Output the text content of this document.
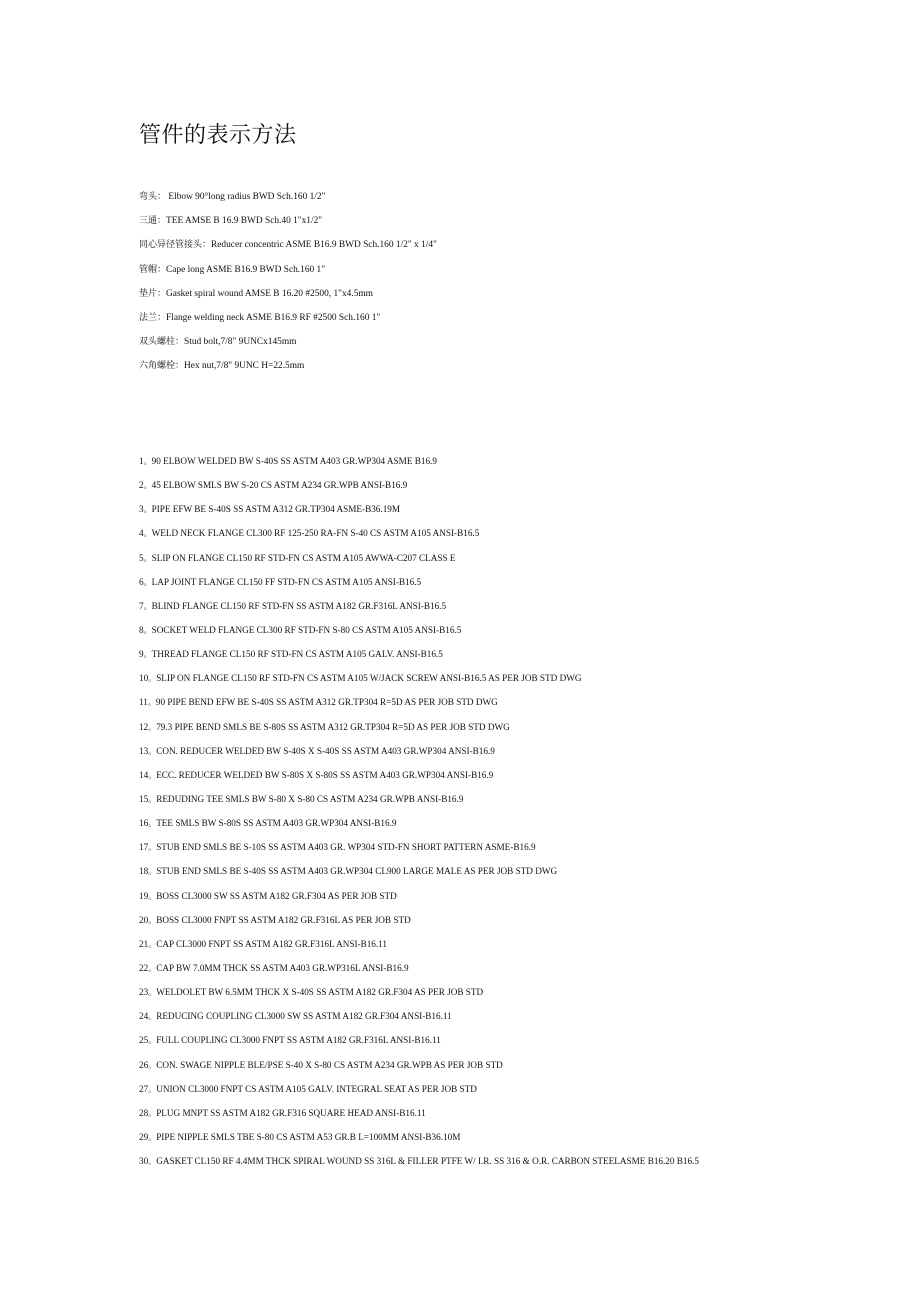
管件的表示方法
弯头： Elbow 90°long radius BWD Sch.160 1/2"
三通：TEE AMSE B 16.9 BWD Sch.40 1"x1/2"
同心异径管接头：Reducer concentric ASME B16.9 BWD Sch.160 1/2" x 1/4"
管帽：Cape long ASME B16.9 BWD Sch.160 1"
垫片：Gasket spiral wound AMSE B 16.20 #2500, 1"x4.5mm
法兰：Flange welding neck ASME B16.9 RF #2500 Sch.160 1"
双头螺柱：Stud bolt,7/8" 9UNCx145mm
六角螺栓：Hex nut,7/8" 9UNC H=22.5mm
1。90 ELBOW WELDED BW S-40S SS ASTM A403 GR.WP304 ASME B16.9
2。45 ELBOW SMLS BW S-20 CS ASTM A234 GR.WPB ANSI-B16.9
3。PIPE EFW BE S-40S SS ASTM A312 GR.TP304 ASME-B36.19M
4。WELD NECK FLANGE CL300 RF 125-250 RA-FN S-40 CS ASTM A105 ANSI-B16.5
5。SLIP ON FLANGE CL150 RF STD-FN CS ASTM A105 AWWA-C207 CLASS E
6。LAP JOINT FLANGE CL150 FF STD-FN CS ASTM A105 ANSI-B16.5
7。BLIND FLANGE CL150 RF STD-FN SS ASTM A182 GR.F316L ANSI-B16.5
8。SOCKET WELD FLANGE CL300 RF STD-FN S-80 CS ASTM A105 ANSI-B16.5
9。THREAD FLANGE CL150 RF STD-FN CS ASTM A105 GALV. ANSI-B16.5
10。SLIP ON FLANGE CL150 RF STD-FN CS ASTM A105 W/JACK SCREW ANSI-B16.5 AS PER JOB STD DWG
11。90 PIPE BEND EFW BE S-40S SS ASTM A312 GR.TP304 R=5D AS PER JOB STD DWG
12。79.3 PIPE BEND SMLS BE S-80S SS ASTM A312 GR.TP304 R=5D AS PER JOB STD DWG
13。CON. REDUCER WELDED BW S-40S X S-40S SS ASTM A403 GR.WP304 ANSI-B16.9
14。ECC. REDUCER WELDED BW S-80S X S-80S SS ASTM A403 GR.WP304 ANSI-B16.9
15。REDUDING TEE SMLS BW S-80 X S-80 CS ASTM A234 GR.WPB ANSI-B16.9
16。TEE SMLS BW S-80S SS ASTM A403 GR.WP304 ANSI-B16.9
17。STUB END SMLS BE S-10S SS ASTM A403 GR. WP304 STD-FN SHORT PATTERN ASME-B16.9
18。STUB END SMLS BE S-40S SS ASTM A403 GR.WP304 CL900 LARGE MALE AS PER JOB STD DWG
19。BOSS CL3000 SW SS ASTM A182 GR.F304 AS PER JOB STD
20。BOSS CL3000 FNPT SS ASTM A182 GR.F316L AS PER JOB STD
21。CAP CL3000 FNPT SS ASTM A182 GR.F316L ANSI-B16.11
22。CAP BW 7.0MM THCK SS ASTM A403 GR.WP316L ANSI-B16.9
23。WELDOLET BW 6.5MM THCK X S-40S SS ASTM A182 GR.F304 AS PER JOB STD
24。REDUCING COUPLING CL3000 SW SS ASTM A182 GR.F304 ANSI-B16.11
25。FULL COUPLING CL3000 FNPT SS ASTM A182 GR.F316L ANSI-B16.11
26。CON. SWAGE NIPPLE BLE/PSE S-40 X S-80 CS ASTM A234 GR.WPB AS PER JOB STD
27。UNION CL3000 FNPT CS ASTM A105 GALV. INTEGRAL SEAT AS PER JOB STD
28。PLUG MNPT SS ASTM A182 GR.F316 SQUARE HEAD ANSI-B16.11
29。PIPE NIPPLE SMLS TBE S-80 CS ASTM A53 GR.B L=100MM ANSI-B36.10M
30。GASKET CL150 RF 4.4MM THCK SPIRAL WOUND SS 316L & FILLER PTFE W/ I.R. SS 316 & O.R. CARBON STEELASME B16.20 B16.5
